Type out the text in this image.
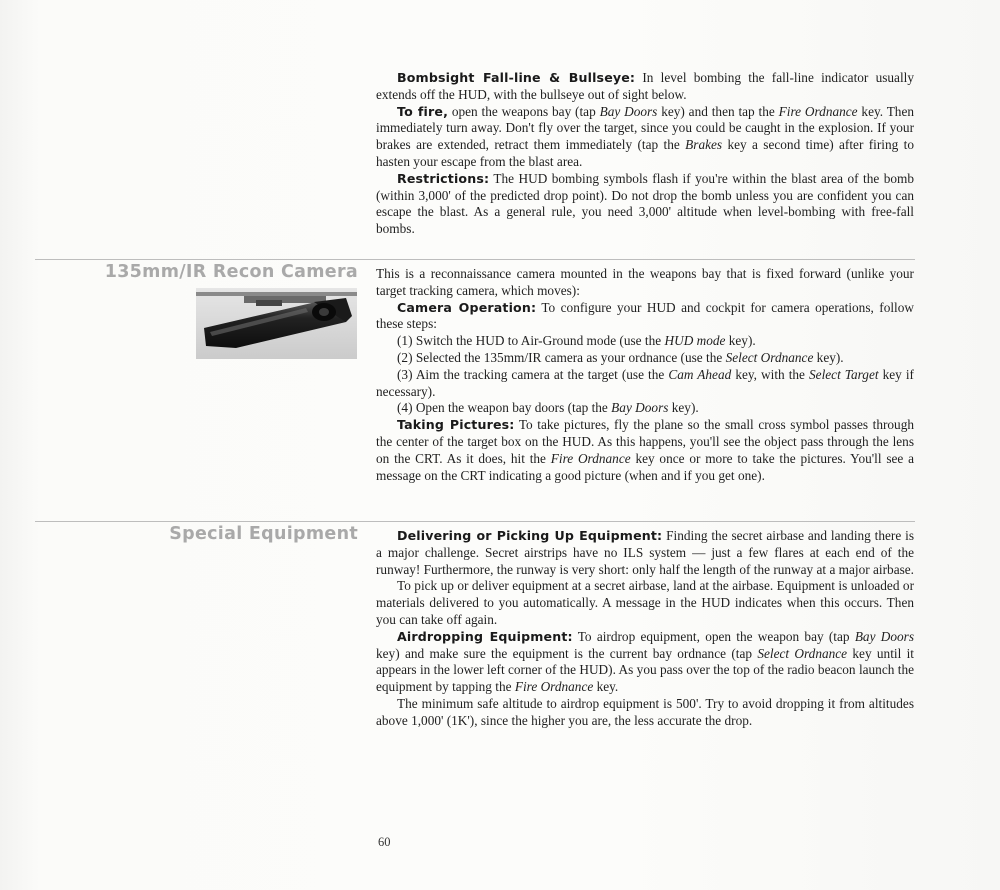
Bombsight Fall-line & Bullseye: In level bombing the fall-line indicator usually extends off the HUD, with the bullseye out of sight below.

To fire, open the weapons bay (tap Bay Doors key) and then tap the Fire Ordnance key. Then immediately turn away. Don't fly over the target, since you could be caught in the explosion. If your brakes are extended, retract them immediately (tap the Brakes key a second time) after firing to hasten your escape from the blast area.

Restrictions: The HUD bombing symbols flash if you're within the blast area of the bomb (within 3,000' of the predicted drop point). Do not drop the bomb unless you are confident you can escape the blast. As a general rule, you need 3,000' altitude when level-bombing with free-fall bombs.

135mm/IR Recon Camera This is a reconnaissance camera mounted in the weapons bay that is fixed forward (unlike your target tracking camera, which moves):

Camera Operation: To configure your HUD and cockpit for camera operations, follow these steps:

(1) Switch the HUD to Air-Ground mode (use the HUD mode key).

(2) Selected the 135mm/IR camera as your ordnance (use the Select Ordnance key).

(3) Aim the tracking camera at the target (use the Cam Ahead key, with the Select Target key if necessary).

(4) Open the weapon bay doors (tap the Bay Doors key).

Taking Pictures: To take pictures, fly the plane so the small cross symbol passes through the center of the target box on the HUD. As this happens, you'll see the object pass through the lens on the CRT. As it does, hit the Fire Ordnance key once or more to take the pictures. You'll see a message on the CRT indicating a good picture (when and if you get one).

Special Equipment	Delivering or Picking Up Equipment: Finding the secret airbase and landing there is a major challenge. Secret airstrips have no ILS system — just a few flares at each end of the runway! Furthermore, the runway is very short: only half the length of the runway at a major airbase.

To pick up or deliver equipment at a secret airbase, land at the airbase. Equipment is unloaded or materials delivered to you automatically. A message in the HUD indicates when this occurs. Then you can take off again.

Airdropping Equipment: To airdrop equipment, open the weapon bay (tap Bay Doors key) and make sure the equipment is the current bay ordnance (tap Select Ordnance key until it appears in the lower left corner of the HUD). As you pass over the top of the radio beacon launch the equipment by tapping the Fire Ordnance key.

The minimum safe altitude to airdrop equipment is 500'. Try to avoid dropping it from altitudes above 1,000' (1K'), since the higher you are, the less accurate the drop.

60
